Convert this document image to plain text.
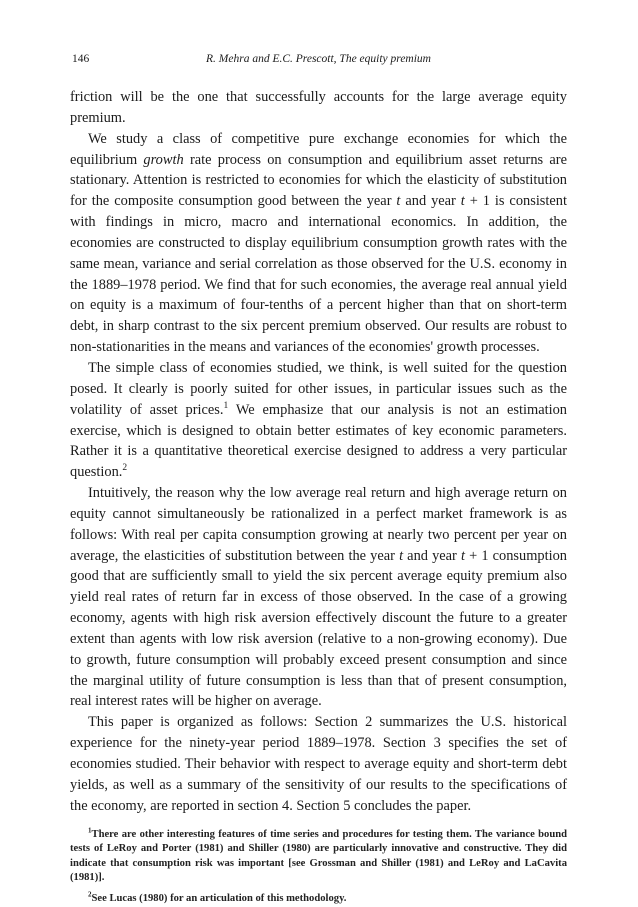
146	R. Mehra and E.C. Prescott, The equity premium

friction will be the one that successfully accounts for the large average equity premium.

We study a class of competitive pure exchange economies for which the equilibrium growth rate process on consumption and equilibrium asset returns are stationary. Attention is restricted to economies for which the elasticity of substitution for the composite consumption good between the year t and year t + 1 is consistent with findings in micro, macro and international economics. In addition, the economies are constructed to display equilibrium consumption growth rates with the same mean, variance and serial correlation as those observed for the U.S. economy in the 1889–1978 period. We find that for such economies, the average real annual yield on equity is a maximum of four-tenths of a percent higher than that on short-term debt, in sharp contrast to the six percent premium observed. Our results are robust to non-stationarities in the means and variances of the economies' growth processes.

The simple class of economies studied, we think, is well suited for the question posed. It clearly is poorly suited for other issues, in particular issues such as the volatility of asset prices.$^1$ We emphasize that our analysis is not an estimation exercise, which is designed to obtain better estimates of key economic parameters. Rather it is a quantitative theoretical exercise designed to address a very particular question.$^2$

Intuitively, the reason why the low average real return and high average return on equity cannot simultaneously be rationalized in a perfect market framework is as follows: With real per capita consumption growing at nearly two percent per year on average, the elasticities of substitution between the year t and year t + 1 consumption good that are sufficiently small to yield the six percent average equity premium also yield real rates of return far in excess of those observed. In the case of a growing economy, agents with high risk aversion effectively discount the future to a greater extent than agents with low risk aversion (relative to a non-growing economy). Due to growth, future consumption will probably exceed present consumption and since the marginal utility of future consumption is less than that of present consumption, real interest rates will be higher on average.

This paper is organized as follows: Section 2 summarizes the U.S. historical experience for the ninety-year period 1889–1978. Section 3 specifies the set of economies studied. Their behavior with respect to average equity and short-term debt yields, as well as a summary of the sensitivity of our results to the specifications of the economy, are reported in section 4. Section 5 concludes the paper.

$^1$There are other interesting features of time series and procedures for testing them. The variance bound tests of LeRoy and Porter (1981) and Shiller (1980) are particularly innovative and constructive. They did indicate that consumption risk was important [see Grossman and Shiller (1981) and LeRoy and LaCavita (1981)].

$^2$See Lucas (1980) for an articulation of this methodology.
